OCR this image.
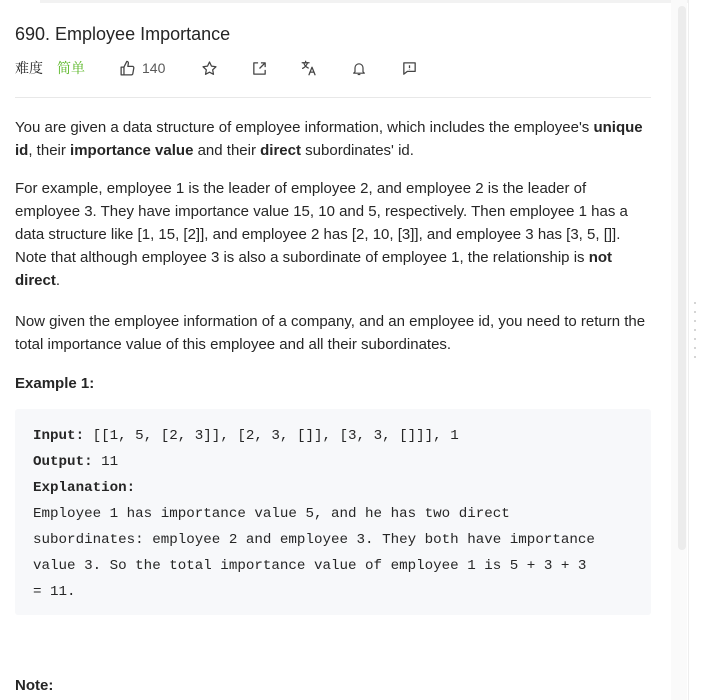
690. Employee Importance
难度 简单	140

You are given a data structure of employee information, which includes the employee's unique id, their importance value and their direct subordinates' id.

For example, employee 1 is the leader of employee 2, and employee 2 is the leader of employee 3. They have importance value 15, 10 and 5, respectively. Then employee 1 has a data structure like [1, 15, [2]], and employee 2 has [2, 10, [3]], and employee 3 has [3, 5, []]. Note that although employee 3 is also a subordinate of employee 1, the relationship is not direct.

Now given the employee information of a company, and an employee id, you need to return the total importance value of this employee and all their subordinates.

Example 1:
Input: [[1, 5, [2, 3]], [2, 3, []], [3, 3, []]], 1
Output: 11
Explanation:
Employee 1 has importance value 5, and he has two direct
subordinates: employee 2 and employee 3. They both have importance
value 3. So the total importance value of employee 1 is 5 + 3 + 3
= 11.
Note:
